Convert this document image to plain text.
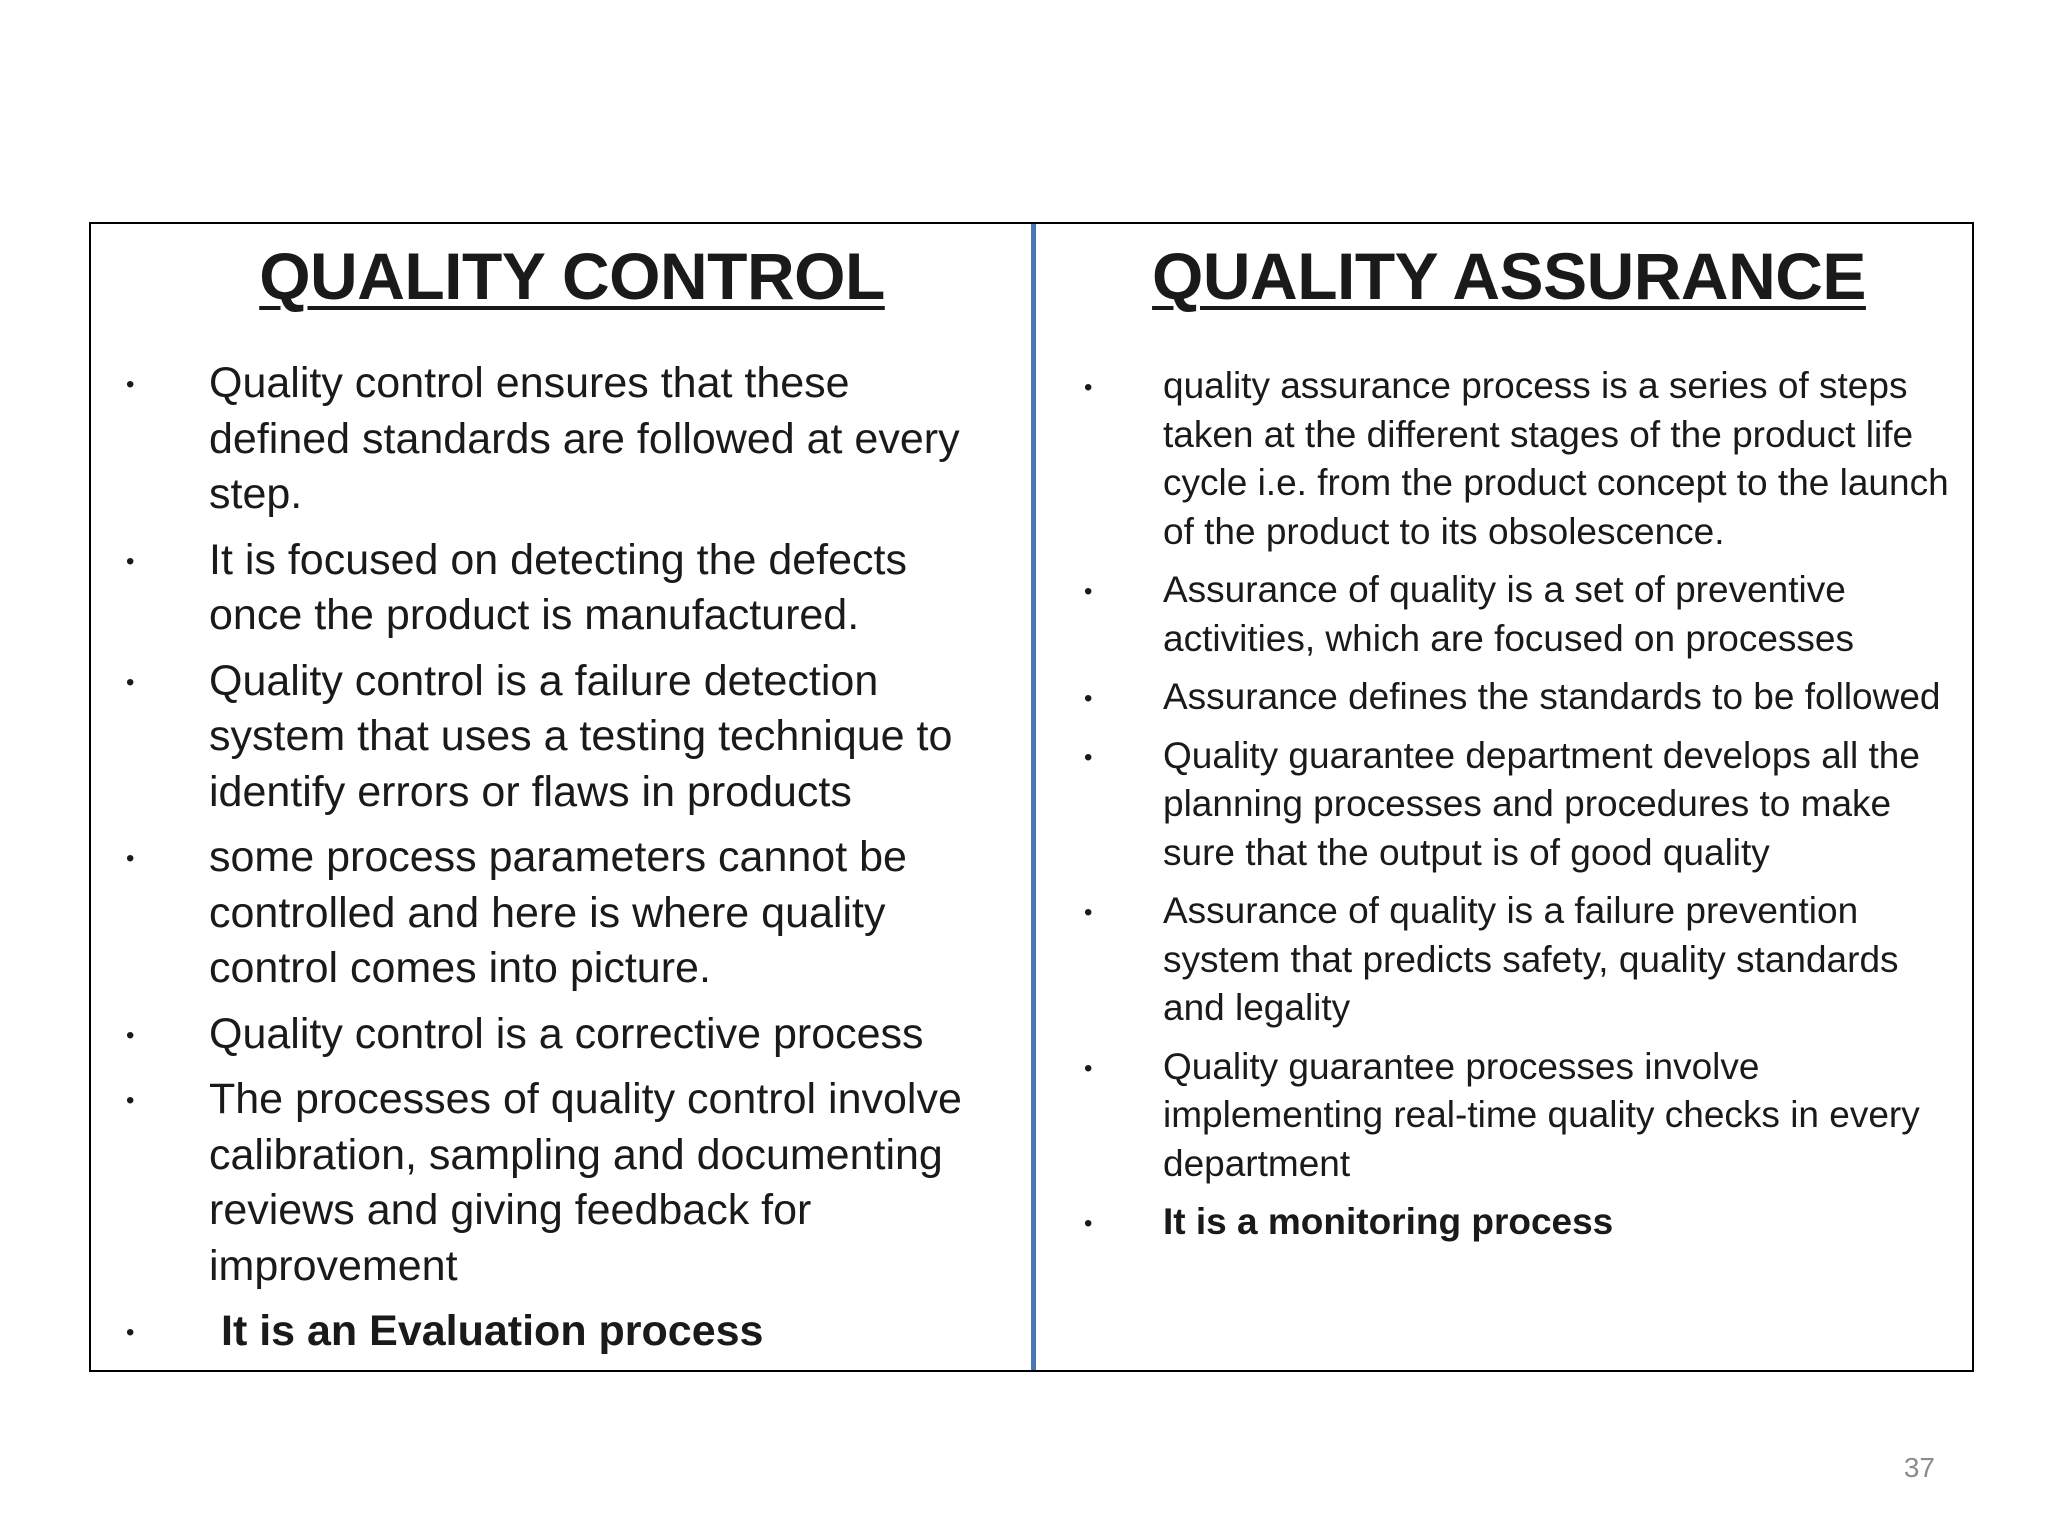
QUALITY CONTROL
•	Quality control ensures that these defined standards are followed at every step.
•	It is focused on detecting the defects once the product is manufactured.
•	Quality control is a failure detection system that uses a testing technique to identify errors or flaws in products
•	some process parameters cannot be controlled and here is where quality control comes into picture.
•	Quality control is a corrective process
•	The processes of quality control involve calibration, sampling and documenting reviews and giving feedback for improvement
•	It is an Evaluation process
QUALITY ASSURANCE
•	quality assurance process is a series of steps taken at the different stages of the product life cycle i.e. from the product concept to the launch of the product to its obsolescence.
•	Assurance of quality is a set of preventive activities, which are focused on processes
•	Assurance defines the standards to be followed
•	Quality guarantee department develops all the planning processes and procedures to make sure that the output is of good quality
•	Assurance of quality is a failure prevention system that predicts safety, quality standards and legality
•	Quality guarantee processes involve implementing real-time quality checks in every department
•	It is a monitoring process
37
